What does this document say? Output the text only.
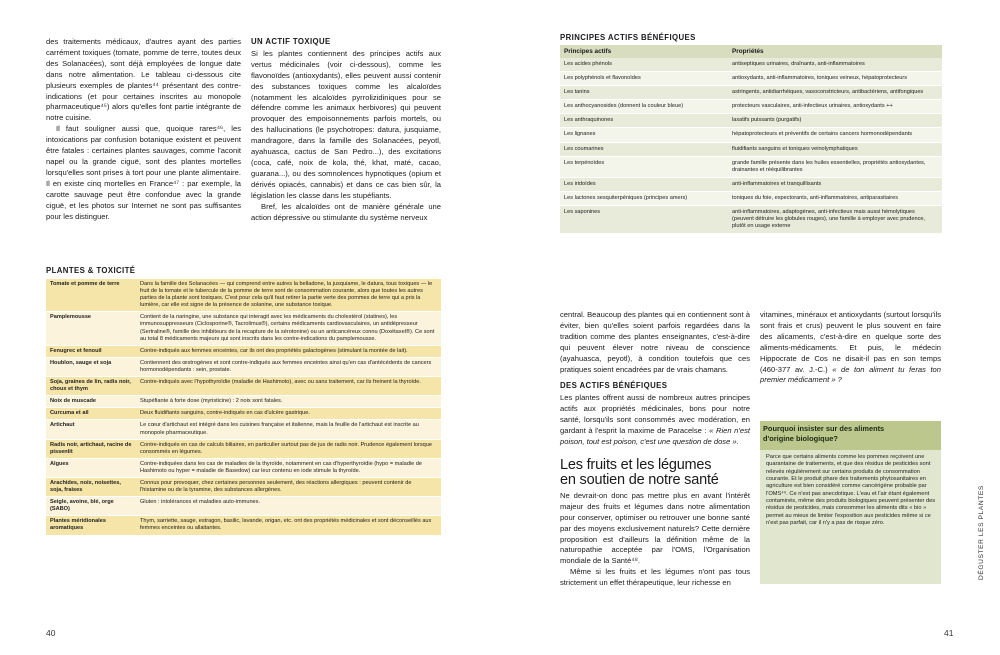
des traitements médicaux, d'autres ayant des parties carrément toxiques (tomate, pomme de terre, toutes deux des Solanacées), sont déjà employées de longue date dans notre alimentation. Le tableau ci-dessous cite plusieurs exemples de plantes⁴⁴ présentant des contre-indications (et pour certaines inscrites au monopole pharmaceutique⁴⁵) alors qu'elles font partie intégrante de notre cuisine.

Il faut souligner aussi que, quoique rares⁴⁶, les intoxications par confusion botanique existent et peuvent être fatales : certaines plantes sauvages, comme l'aconit napel ou la grande ciguë, sont des plantes mortelles lorsqu'elles sont prises à tort pour une plante alimentaire. Il en existe cinq mortelles en France⁴⁷ : par exemple, la carotte sauvage peut être confondue avec la grande ciguë, et les photos sur Internet ne sont pas suffisantes pour les distinguer.

UN ACTIF TOXIQUE

Si les plantes contiennent des principes actifs aux vertus médicinales (voir ci-dessous), comme les flavonoïdes (antioxydants), elles peuvent aussi contenir des substances toxiques comme les alcaloïdes (notamment les alcaloïdes pyrrolizidiniques pour se défendre comme les animaux herbivores) qui peuvent provoquer des empoisonnements parfois mortels, ou des hallucinations (le psychotropes: datura, jusquiame, mandragore, dans la famille des Solanacées, peyotl, ayahuasca, cactus de San Pedro...), des excitations (coca, café, noix de kola, thé, khat, maté, cacao, guarana...), ou des somnolences hypnotiques (opium et dérivés opiacés, cannabis) et dans ce cas bien sûr, la législation les classe dans les stupéfiants.

Bref, les alcaloïdes ont de manière générale une action dépressive ou stimulante du système nerveux

PLANTES & TOXICITÉ
Tomate et pomme de terre	Dans la famille des Solanacées — qui comprend entre autres la belladone, la jusquiame, le datura, tous toxiques — le fruit de la tomate et le tubercule de la pomme de terre sont de consommation courante, alors que toutes les autres parties de la plante sont toxiques. C'est pour cela qu'il faut retirer la partie verte des pommes de terre qui a pris la lumière, car elle est signe de la présence de solanine, une substance toxique.
Pamplemousse	Contient de la naringine, une substance qui interagit avec les médicaments du cholestérol (statines), les immunosuppresseurs (Ciclosporine®, Tacrolimus®), certains médicaments cardiovasculaires, un antidépresseur (Sertraline®, famille des inhibiteurs de la recapture de la sérotonine) ou un anticancéreux connu (Doxétaxel®). Ce sont au total 8 médicaments majeurs qui sont inscrits dans les contre-indications du pamplemousse.
Fenugrec et fenouil	Contre-indiqués aux femmes enceintes, car ils ont des propriétés galactogènes (stimulant la montée de lait).
Houblon, sauge et soja	Contiennent des œstrogènes et sont contre-indiqués aux femmes enceintes ainsi qu'en cas d'antécédents de cancers hormonodépendants : sein, prostate.
Soja, graines de lin, radis noir, choux et thym	Contre-indiqués avec l'hypothyroïdie (maladie de Hashimoto), avec ou sans traitement, car ils freinent la thyroïde.
Noix de muscade	Stupéfiante à forte dose (myristicine) : 2 noix sont fatales.
Curcuma et ail	Deux fluidifiants sanguins, contre-indiqués en cas d'ulcère gastrique.
Artichaut	Le cœur d'artichaut est intégré dans les cuisines française et italienne, mais la feuille de l'artichaut est inscrite au monopole pharmaceutique.
Radis noir, artichaut, racine de pissenlit	Contre-indiqués en cas de calculs biliaires, en particulier surtout pas de jus de radis noir. Prudence également lorsque consommés en légumes.
Algues	Contre-indiquées dans les cas de maladies de la thyroïde, notamment en cas d'hyperthyroïdie (hypo = maladie de Hashimoto ou hyper = maladie de Basedow) car leur contenu en iode stimule la thyroïde.
Arachides, noix, noisettes, soja, fraises	Connus pour provoquer, chez certaines personnes seulement, des réactions allergiques : peuvent contenir de l'histamine ou de la tyramine, des substances allergènes.
Seigle, avoine, blé, orge (SABO)	Gluten : intolérances et maladies auto-immunes.
Plantes méridionales aromatiques	Thym, sarriette, sauge, estragon, basilic, lavande, origan, etc. ont des propriétés médicinales et sont déconseillés aux femmes enceintes ou allaitantes.
40
PRINCIPES ACTIFS BÉNÉFIQUES
Principes actifs	Propriétés
Les acides phénols	antiseptiques urinaires, draînants, anti-inflammatoires
Les polyphénols et flavonoïdes	antioxydants, anti-inflammatoires, toniques veineux, hépatoprotecteurs
Les tanins	astringents, antidiarrhéiques, vasoconstricteurs, antibactériens, antifongiques
Les anthocyanosides (donnent la couleur bleue)	protecteurs vasculaires, anti-infectieux urinaires, antioxydants ++
Les anthraquinones	laxatifs puissants (purgatifs)
Les lignanes	hépatoprotecteurs et préventifs de certains cancers hormonodépendants
Les coumarines	fluidifiants sanguins et toniques veinolymphatiques
Les terpénoïdes	grande famille présente dans les huiles essentielles, propriétés antioxydantes, drainantes et rééquilibrantes
Les iridoïdes	anti-inflammatoires et tranquillisants
Les lactones sesquiterpéniques (principes amers)	toniques du foie, expectorants, anti-inflammatoires, antiparasitaires
Les saponines	anti-inflammatoires, adaptogènes, anti-infectieux mais aussi hémolytiques (peuvent détruire les globules rouges), une famille à employer avec prudence, plutôt en usage externe

central. Beaucoup des plantes qui en contiennent sont à éviter, bien qu'elles soient parfois regardées dans la tradition comme des plantes enseignantes, c'est-à-dire qui peuvent élever notre niveau de conscience (ayahuasca, peyotl), à condition toutefois que ces pratiques soient encadrées par de vrais chamans.

DES ACTIFS BÉNÉFIQUES

Les plantes offrent aussi de nombreux autres principes actifs aux propriétés médicinales, bons pour notre santé, lorsqu'ils sont consommés avec modération, en gardant à l'esprit la maxime de Paracelse : « Rien n'est poison, tout est poison, c'est une question de dose ».

Les fruits et les légumes
en soutien de notre santé

Ne devrait-on donc pas mettre plus en avant l'intérêt majeur des fruits et légumes dans notre alimentation pour conserver, optimiser ou retrouver une bonne santé par des moyens exclusivement naturels? Cette dernière proposition est d'ailleurs la définition même de la naturopathie acceptée par l'OMS, l'Organisation mondiale de la Santé⁴⁸.

Même si les fruits et les légumes n'ont pas tous strictement un effet thérapeutique, leur richesse en

vitamines, minéraux et antioxydants (surtout lorsqu'ils sont frais et crus) peuvent le plus souvent en faire des alicaments, c'est-à-dire en quelque sorte des aliments-médicaments. Et puis, le médecin Hippocrate de Cos ne disait-il pas en son temps (460-377 av. J.-C.) « de ton aliment tu feras ton premier médicament » ?

Pourquoi insister sur des aliments
d'origine biologique?
Parce que certains aliments comme les pommes reçoivent une quarantaine de traitements, et que des résidus de pesticides sont relevés régulièrement sur certains produits de consommation courante. Et le produit phare des traitements phytosanitaires en agriculture est bien considéré comme cancérigène probable par l'OMS⁴⁹. Ce n'est pas anecdotique. L'eau et l'air étant également contaminés, même des produits biologiques peuvent présenter des résidus de pesticides, mais consommer les aliments dits « bio » permet au mieux de limiter l'exposition aux pesticides même si ce n'est pas parfait, car il n'y a pas de risque zéro.	DÉGUSTER LES PLANTES
41
